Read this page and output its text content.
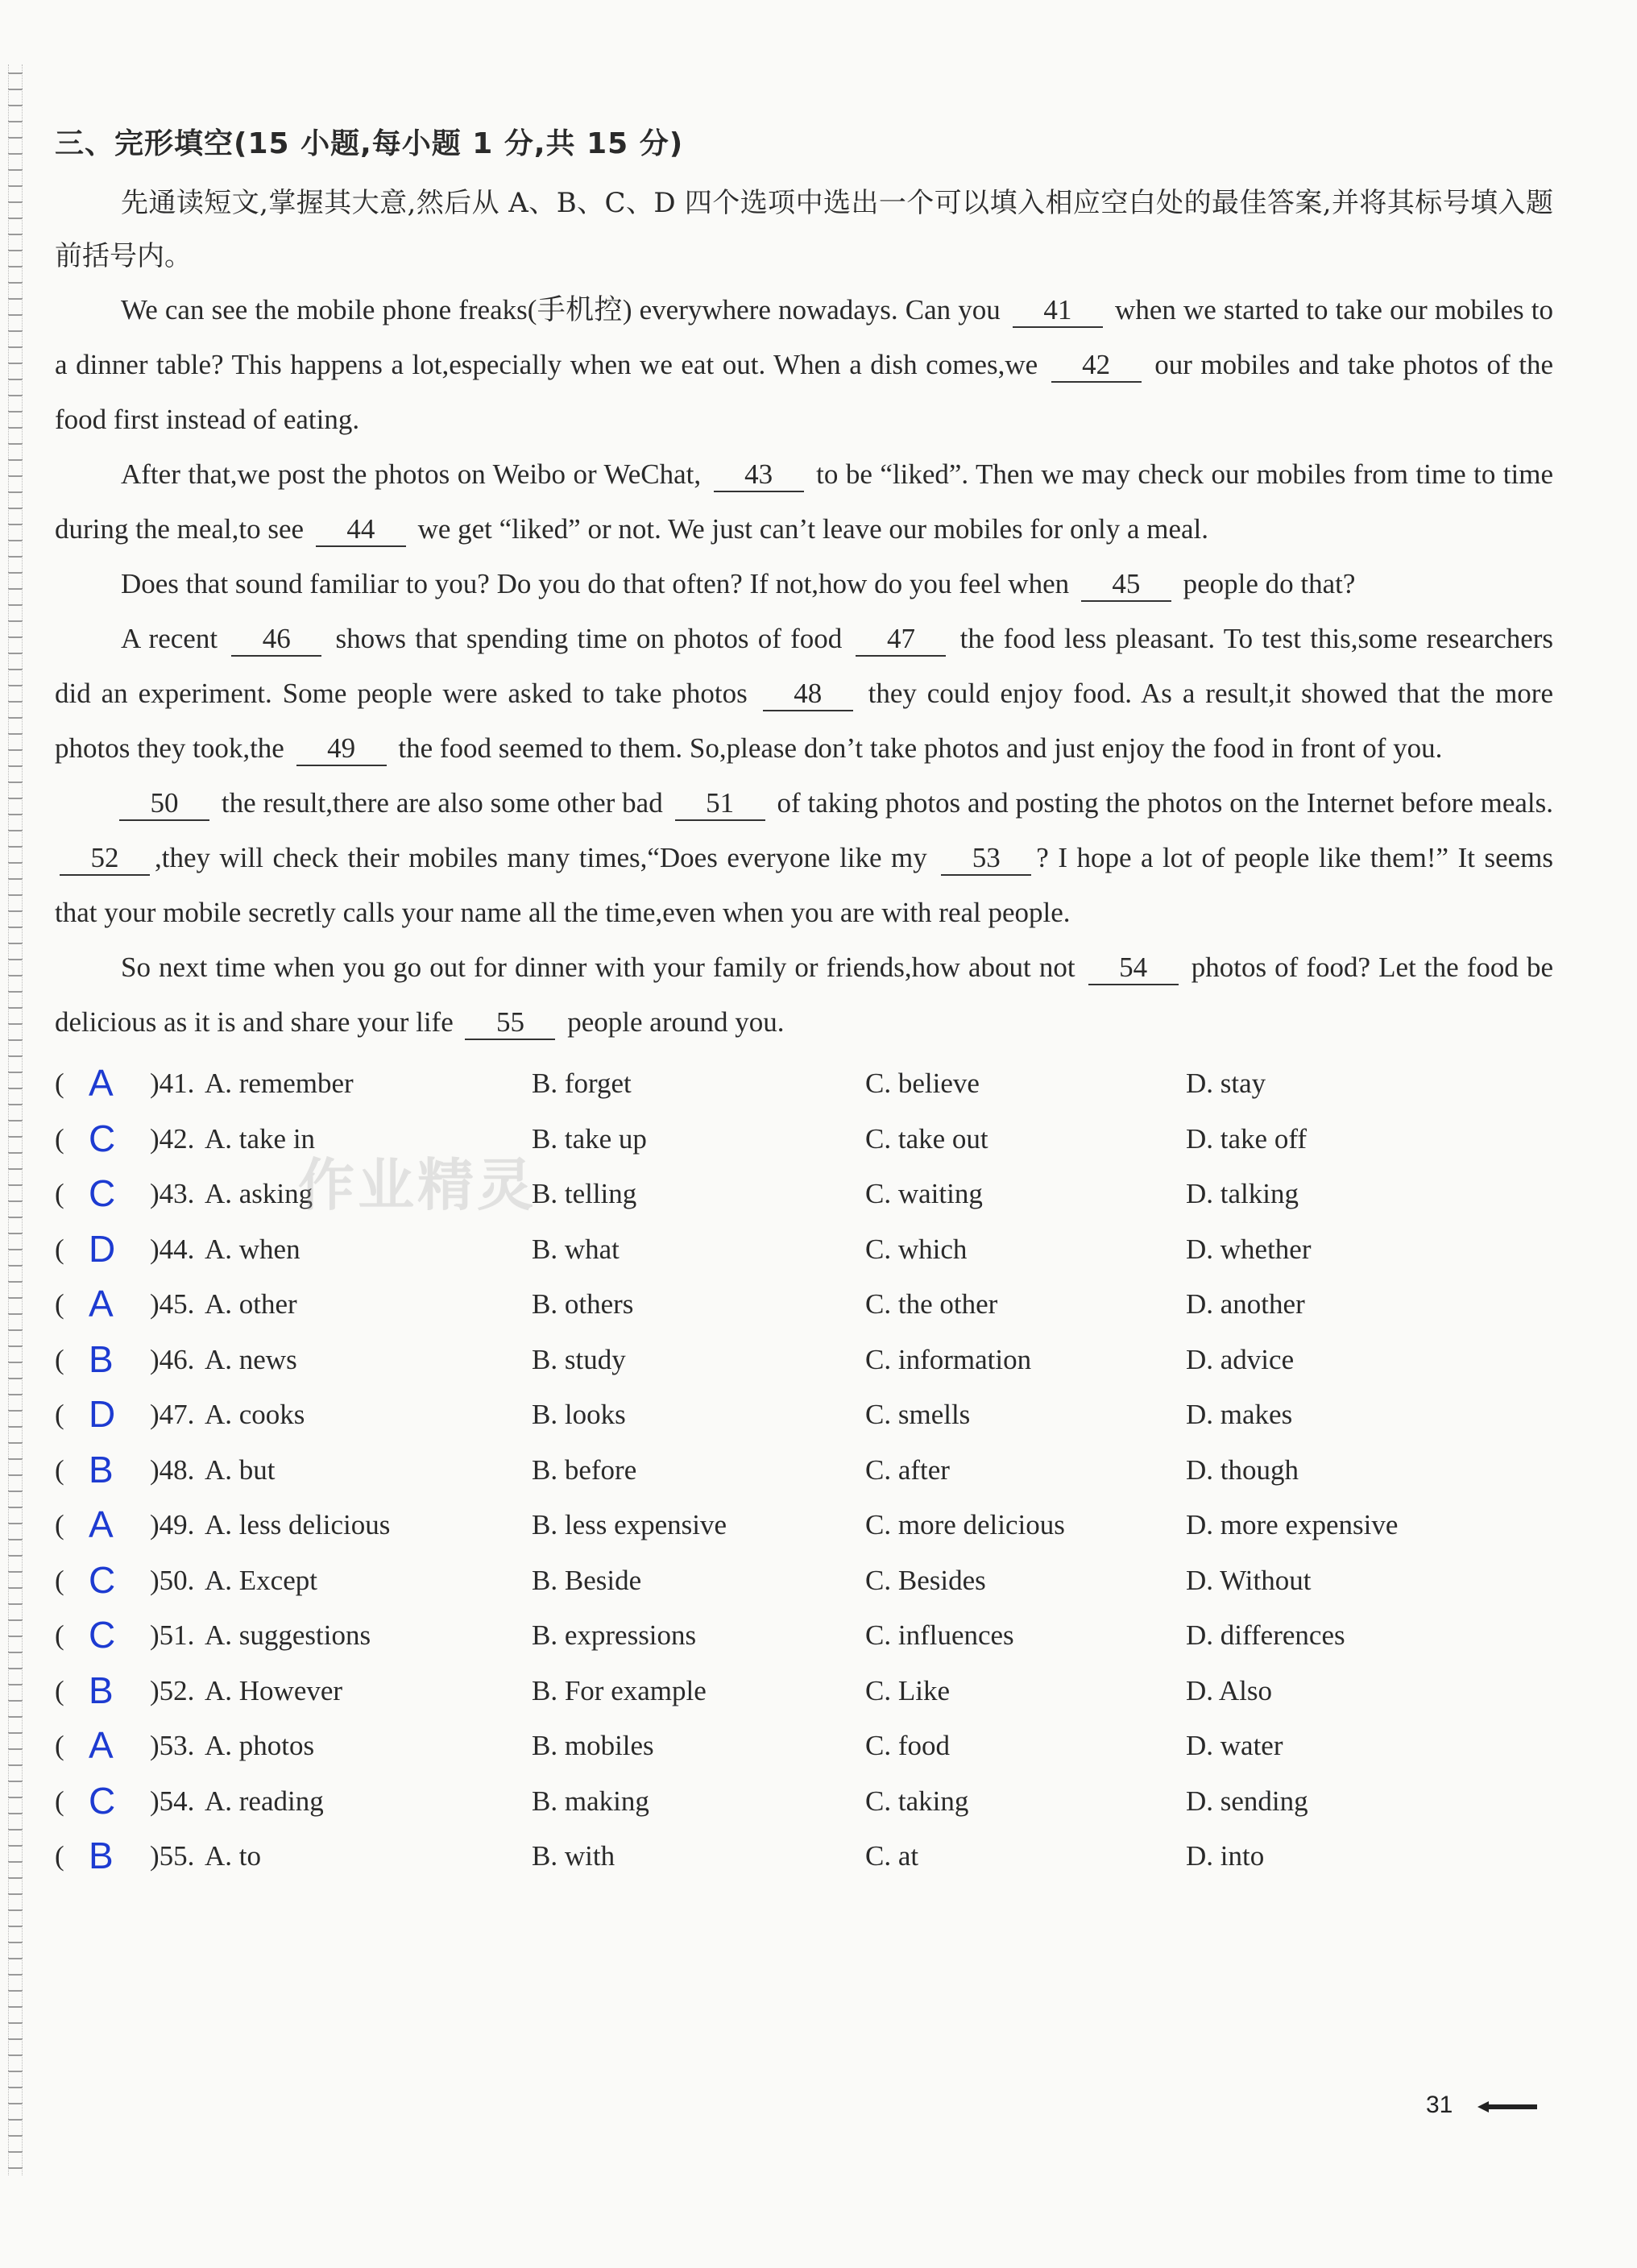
三、完形填空(15 小题,每小题 1 分,共 15 分)

先通读短文,掌握其大意,然后从 A、B、C、D 四个选项中选出一个可以填入相应空白处的最佳答案,并将其标号填入题前括号内。

We can see the mobile phone freaks(手机控) everywhere nowadays. Can you 41 when we started to take our mobiles to a dinner table? This happens a lot,especially when we eat out. When a dish comes,we 42 our mobiles and take photos of the food first instead of eating.

After that,we post the photos on Weibo or WeChat, 43 to be “liked”. Then we may check our mobiles from time to time during the meal,to see 44 we get “liked” or not. We just can’t leave our mobiles for only a meal.

Does that sound familiar to you? Do you do that often? If not,how do you feel when 45 people do that?

A recent 46 shows that spending time on photos of food 47 the food less pleasant. To test this,some researchers did an experiment. Some people were asked to take photos 48 they could enjoy food. As a result,it showed that the more photos they took,the 49 the food seemed to them. So,please don’t take photos and just enjoy the food in front of you.

50 the result,there are also some other bad 51 of taking photos and posting the photos on the Internet before meals. 52 ,they will check their mobiles many times,“Does everyone like my 53 ? I hope a lot of people like them!” It seems that your mobile secretly calls your name all the time,even when you are with real people.

So next time when you go out for dinner with your family or friends,how about not 54 photos of food? Let the food be delicious as it is and share your life 55 people around you.

( A )41. A. remember	B. forget	C. believe	D. stay
( C )42. A. take in	B. take up	C. take out	D. take off
( C )43. A. asking	B. telling	C. waiting	D. talking
( D )44. A. when	B. what	C. which	D. whether
( A )45. A. other	B. others	C. the other	D. another
( B )46. A. news	B. study	C. information	D. advice
( D )47. A. cooks	B. looks	C. smells	D. makes
( B )48. A. but	B. before	C. after	D. though
( A )49. A. less delicious	B. less expensive	C. more delicious	D. more expensive
( C )50. A. Except	B. Beside	C. Besides	D. Without
( C )51. A. suggestions	B. expressions	C. influences	D. differences
( B )52. A. However	B. For example	C. Like	D. Also
( A )53. A. photos	B. mobiles	C. food	D. water
( C )54. A. reading	B. making	C. taking	D. sending
( B )55. A. to	B. with	C. at	D. into
作业精灵
31
